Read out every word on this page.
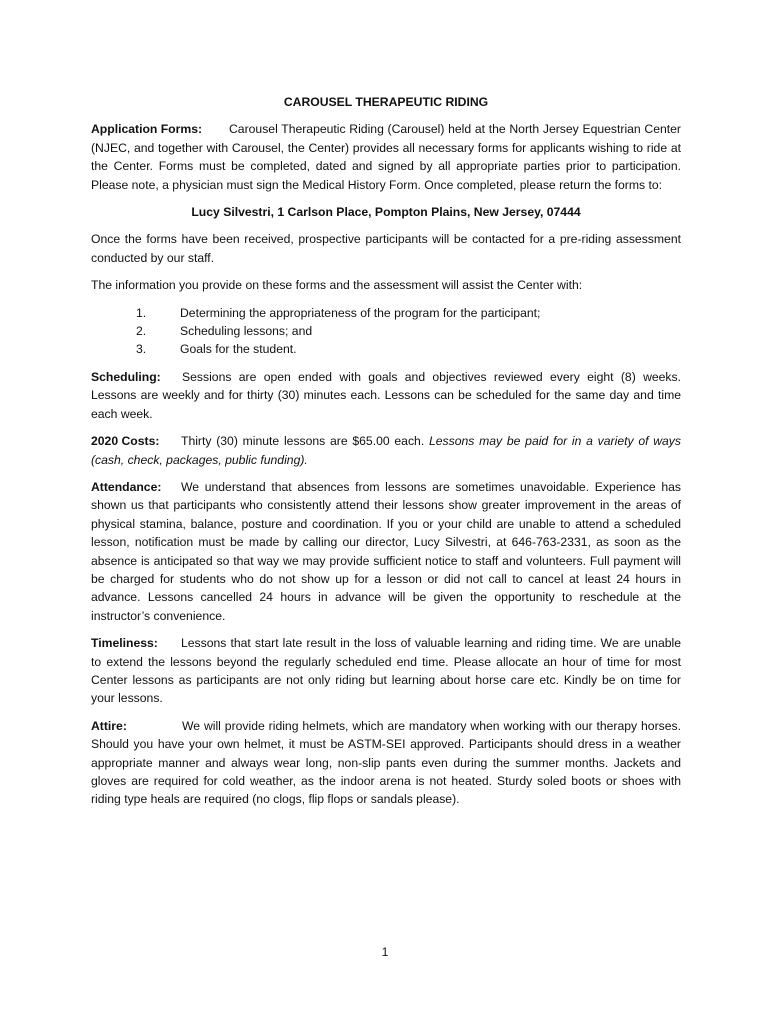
CAROUSEL THERAPEUTIC RIDING

Application Forms: Carousel Therapeutic Riding (Carousel) held at the North Jersey Equestrian Center (NJEC, and together with Carousel, the Center) provides all necessary forms for applicants wishing to ride at the Center. Forms must be completed, dated and signed by all appropriate parties prior to participation. Please note, a physician must sign the Medical History Form. Once completed, please return the forms to:

Lucy Silvestri, 1 Carlson Place, Pompton Plains, New Jersey, 07444

Once the forms have been received, prospective participants will be contacted for a pre-riding assessment conducted by our staff.

The information you provide on these forms and the assessment will assist the Center with:

1.	Determining the appropriateness of the program for the participant;
2.	Scheduling lessons; and
3.	Goals for the student.

Scheduling: Sessions are open ended with goals and objectives reviewed every eight (8) weeks. Lessons are weekly and for thirty (30) minutes each. Lessons can be scheduled for the same day and time each week.

2020 Costs: Thirty (30) minute lessons are $65.00 each. Lessons may be paid for in a variety of ways (cash, check, packages, public funding).

Attendance: We understand that absences from lessons are sometimes unavoidable. Experience has shown us that participants who consistently attend their lessons show greater improvement in the areas of physical stamina, balance, posture and coordination. If you or your child are unable to attend a scheduled lesson, notification must be made by calling our director, Lucy Silvestri, at 646-763-2331, as soon as the absence is anticipated so that way we may provide sufficient notice to staff and volunteers. Full payment will be charged for students who do not show up for a lesson or did not call to cancel at least 24 hours in advance. Lessons cancelled 24 hours in advance will be given the opportunity to reschedule at the instructor’s convenience.

Timeliness: Lessons that start late result in the loss of valuable learning and riding time. We are unable to extend the lessons beyond the regularly scheduled end time. Please allocate an hour of time for most Center lessons as participants are not only riding but learning about horse care etc. Kindly be on time for your lessons.

Attire:	We will provide riding helmets, which are mandatory when working with our therapy horses. Should you have your own helmet, it must be ASTM-SEI approved. Participants should dress in a weather appropriate manner and always wear long, non-slip pants even during the summer months. Jackets and gloves are required for cold weather, as the indoor arena is not heated. Sturdy soled boots or shoes with riding type heals are required (no clogs, flip flops or sandals please).

1
